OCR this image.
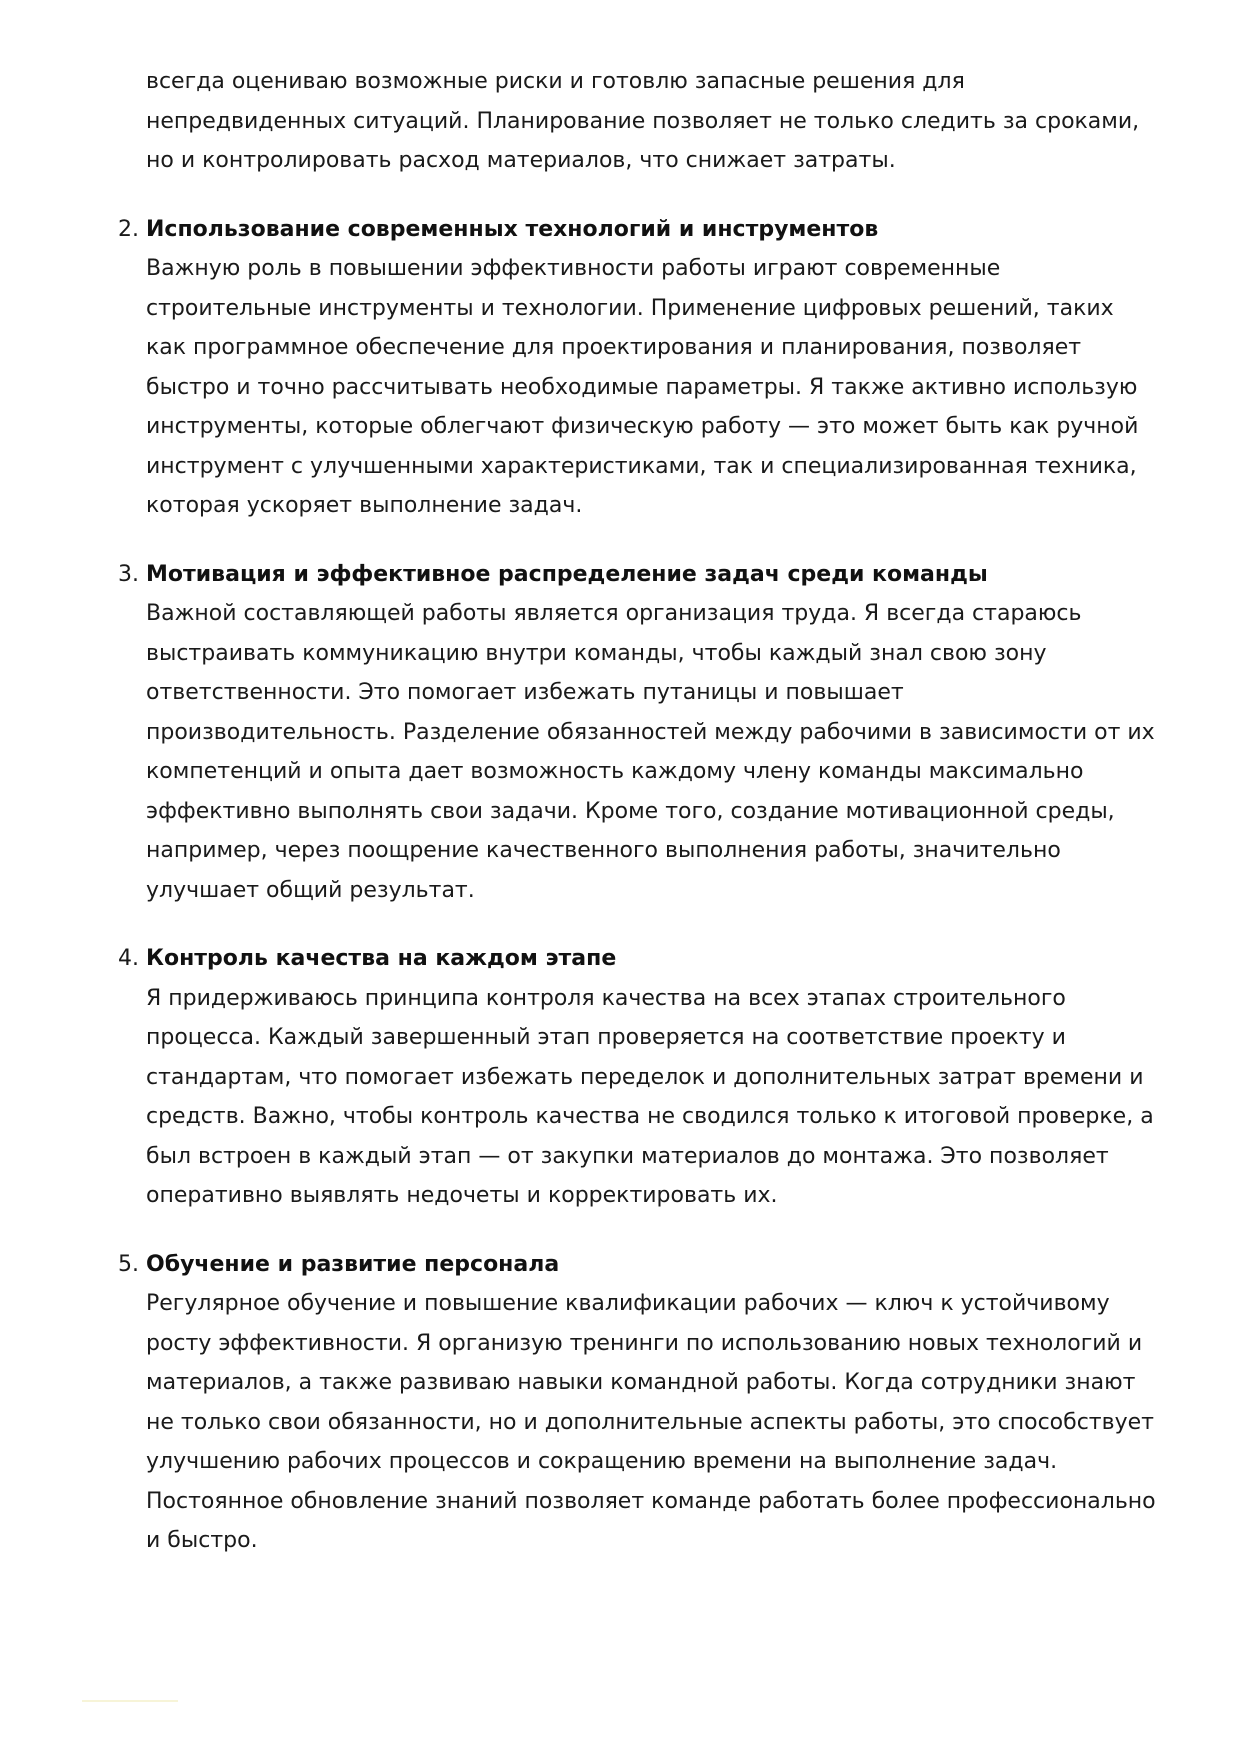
всегда оцениваю возможные риски и готовлю запасные решения для непредвиденных ситуаций. Планирование позволяет не только следить за сроками, но и контролировать расход материалов, что снижает затраты.

2. Использование современных технологий и инструментов

Важную роль в повышении эффективности работы играют современные строительные инструменты и технологии. Применение цифровых решений, таких как программное обеспечение для проектирования и планирования, позволяет быстро и точно рассчитывать необходимые параметры. Я также активно использую инструменты, которые облегчают физическую работу — это может быть как ручной инструмент с улучшенными характеристиками, так и специализированная техника, которая ускоряет выполнение задач.

3. Мотивация и эффективное распределение задач среди команды

Важной составляющей работы является организация труда. Я всегда стараюсь выстраивать коммуникацию внутри команды, чтобы каждый знал свою зону ответственности. Это помогает избежать путаницы и повышает производительность. Разделение обязанностей между рабочими в зависимости от их компетенций и опыта дает возможность каждому члену команды максимально эффективно выполнять свои задачи. Кроме того, создание мотивационной среды, например, через поощрение качественного выполнения работы, значительно улучшает общий результат.

4. Контроль качества на каждом этапе

Я придерживаюсь принципа контроля качества на всех этапах строительного процесса. Каждый завершенный этап проверяется на соответствие проекту и стандартам, что помогает избежать переделок и дополнительных затрат времени и средств. Важно, чтобы контроль качества не сводился только к итоговой проверке, а был встроен в каждый этап — от закупки материалов до монтажа. Это позволяет оперативно выявлять недочеты и корректировать их.

5. Обучение и развитие персонала

Регулярное обучение и повышение квалификации рабочих — ключ к устойчивому росту эффективности. Я организую тренинги по использованию новых технологий и материалов, а также развиваю навыки командной работы. Когда сотрудники знают не только свои обязанности, но и дополнительные аспекты работы, это способствует улучшению рабочих процессов и сокращению времени на выполнение задач. Постоянное обновление знаний позволяет команде работать более профессионально и быстро.
